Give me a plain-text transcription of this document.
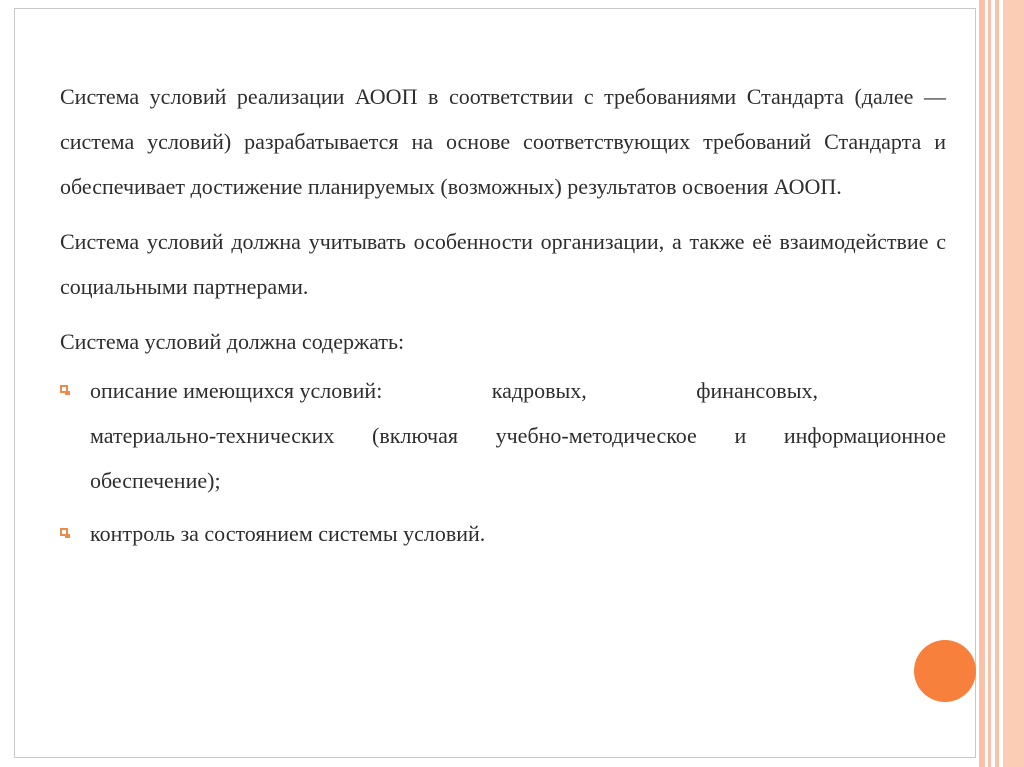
Система условий реализации АООП в соответствии с требованиями Стандарта (далее — система условий) разрабатывается на основе соответствующих требований Стандарта и обеспечивает достижение планируемых (возможных) результатов освоения АООП.

Система условий должна учитывать особенности организации, а также её взаимодействие с социальными партнерами.

Система условий должна содержать:

описание имеющихся условий:	кадровых,	финансовых,
материально-технических (включая учебно-методическое и информационное обеспечение);
контроль за состоянием системы условий.
